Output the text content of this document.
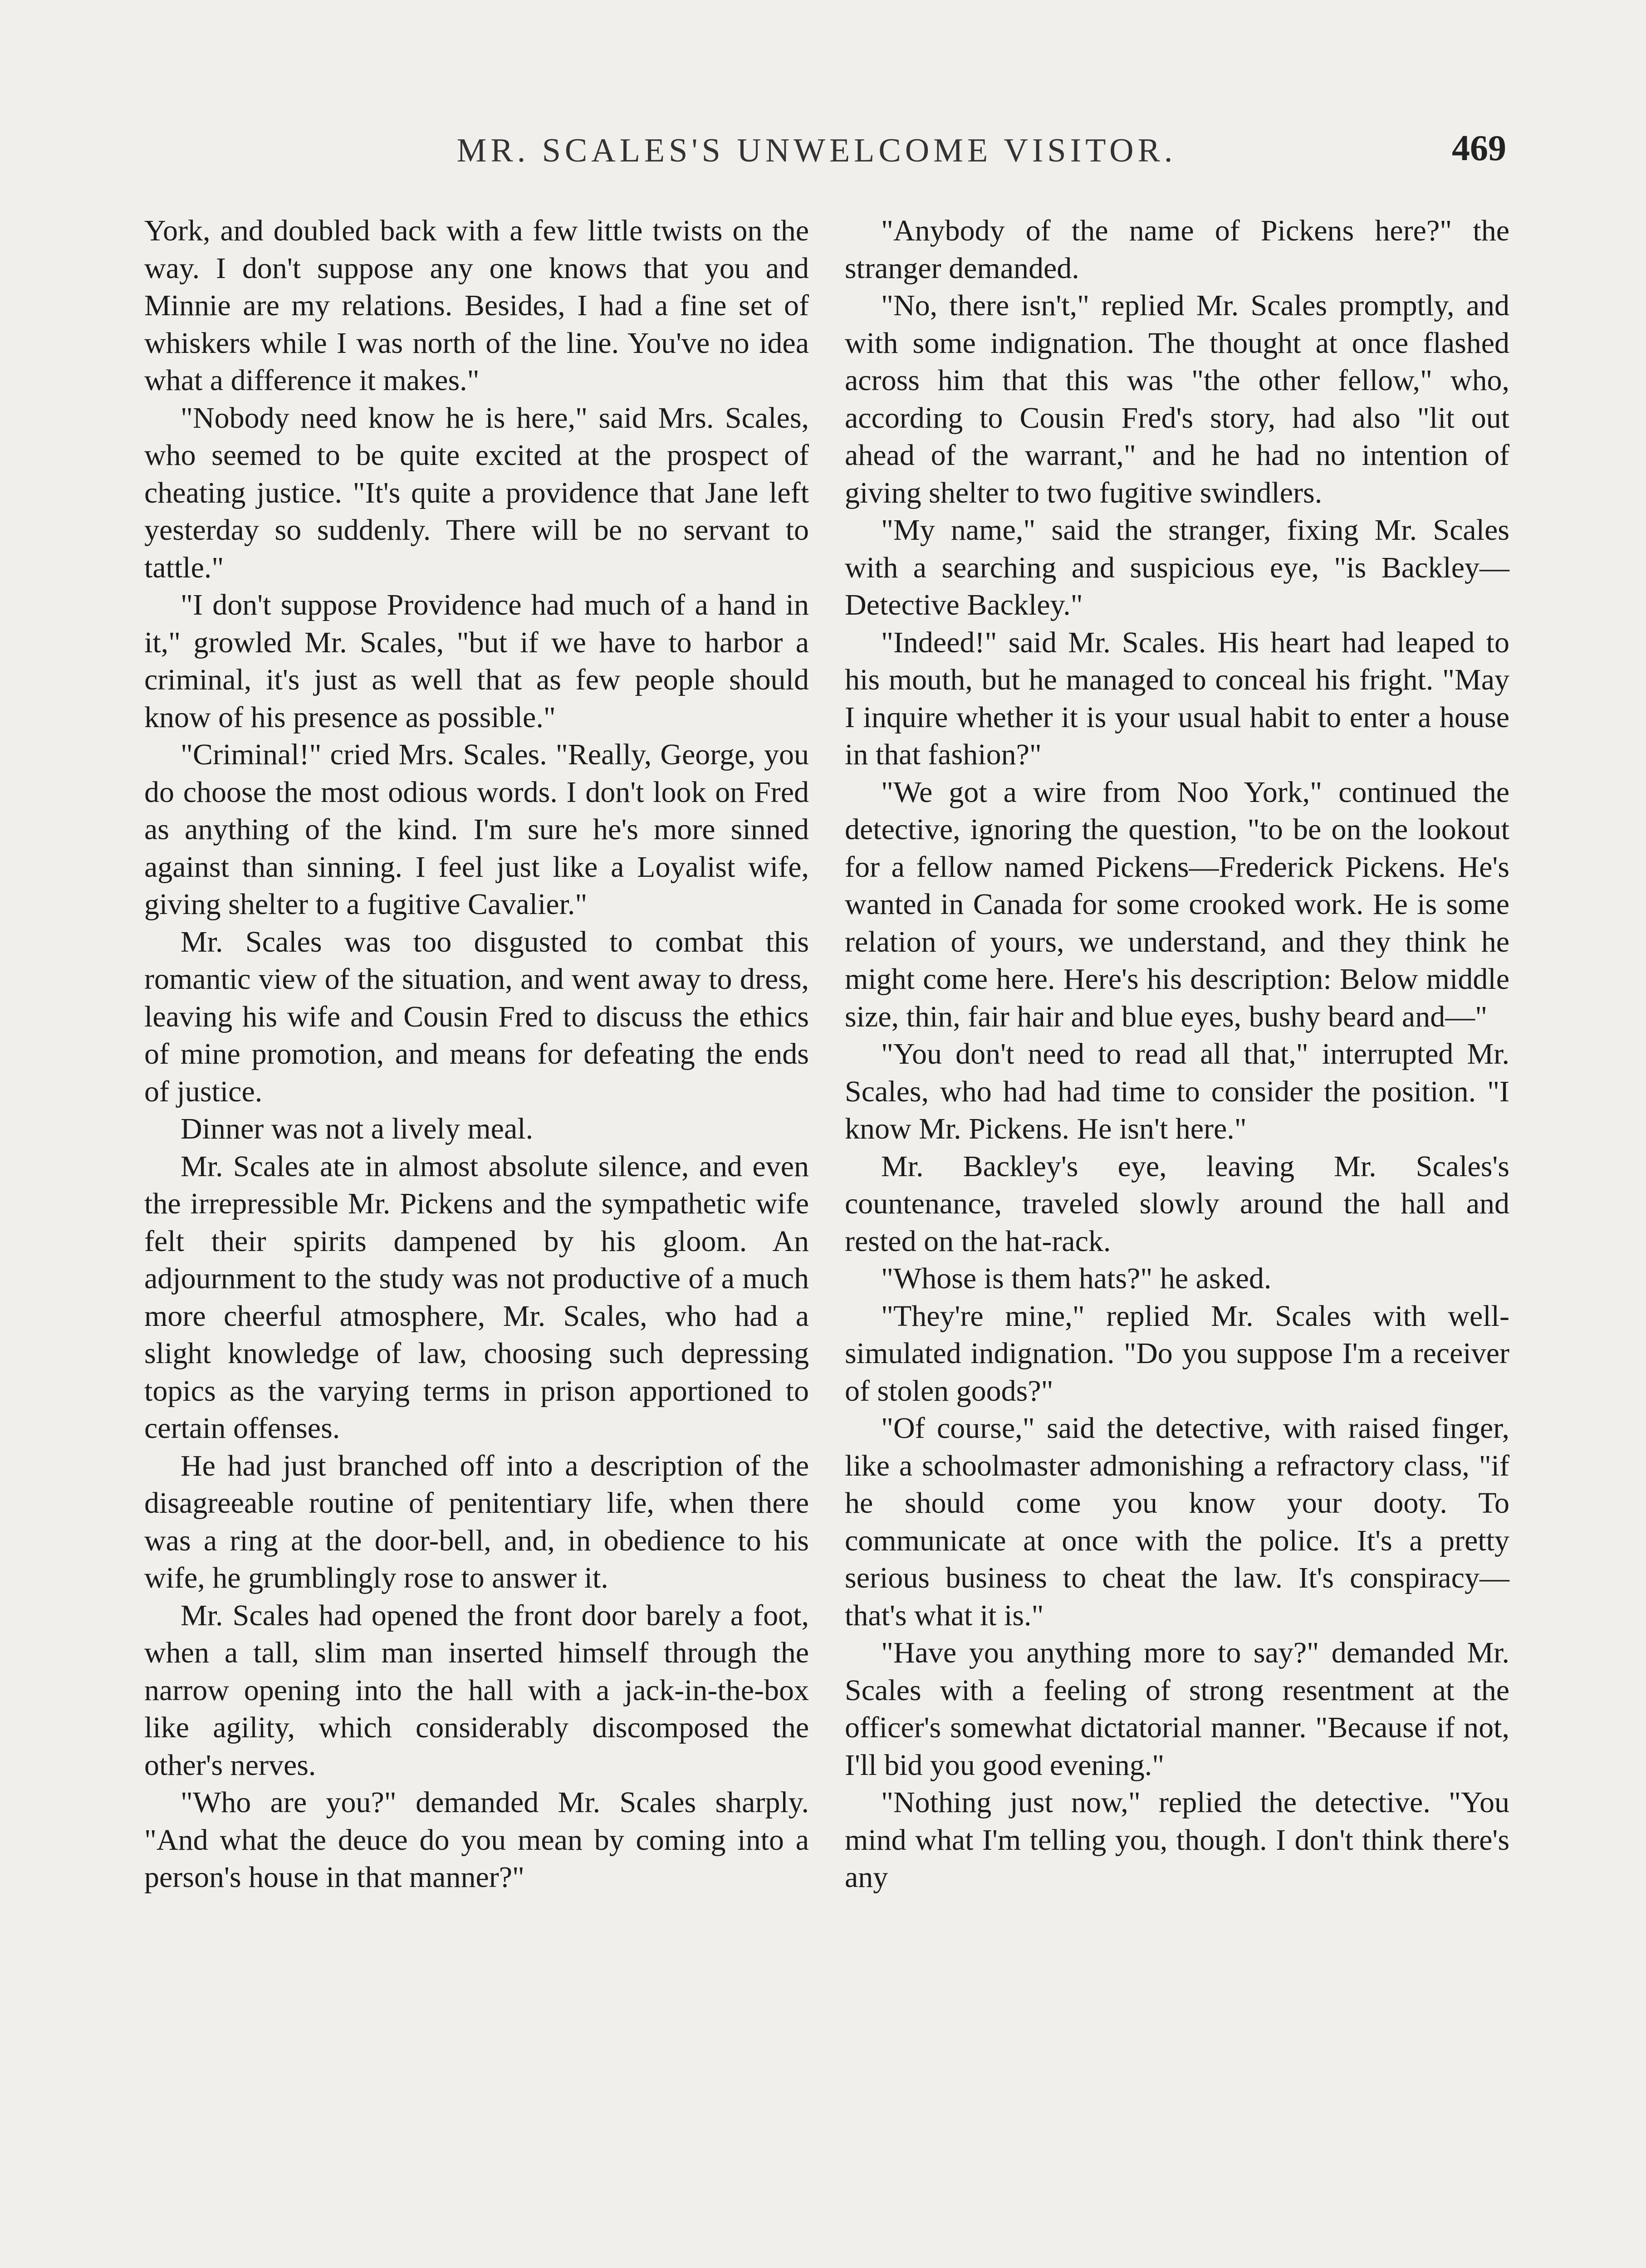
MR. SCALES'S UNWELCOME VISITOR.	469

York, and doubled back with a few little twists on the way. I don't suppose any one knows that you and Minnie are my relations. Besides, I had a fine set of whiskers while I was north of the line. You've no idea what a difference it makes."

"Nobody need know he is here," said Mrs. Scales, who seemed to be quite excited at the prospect of cheating justice. "It's quite a providence that Jane left yesterday so suddenly. There will be no servant to tattle."

"I don't suppose Providence had much of a hand in it," growled Mr. Scales, "but if we have to harbor a criminal, it's just as well that as few people should know of his presence as possible."

"Criminal!" cried Mrs. Scales. "Really, George, you do choose the most odious words. I don't look on Fred as anything of the kind. I'm sure he's more sinned against than sinning. I feel just like a Loyalist wife, giving shelter to a fugitive Cavalier."

Mr. Scales was too disgusted to combat this romantic view of the situation, and went away to dress, leaving his wife and Cousin Fred to discuss the ethics of mine promotion, and means for defeating the ends of justice.

Dinner was not a lively meal.

Mr. Scales ate in almost absolute silence, and even the irrepressible Mr. Pickens and the sympathetic wife felt their spirits dampened by his gloom. An adjournment to the study was not productive of a much more cheerful atmosphere, Mr. Scales, who had a slight knowledge of law, choosing such depressing topics as the varying terms in prison apportioned to certain offenses.

He had just branched off into a description of the disagreeable routine of penitentiary life, when there was a ring at the door-bell, and, in obedience to his wife, he grumblingly rose to answer it.

Mr. Scales had opened the front door barely a foot, when a tall, slim man inserted himself through the narrow opening into the hall with a jack-in-the-box like agility, which considerably discomposed the other's nerves.

"Who are you?" demanded Mr. Scales sharply. "And what the deuce do you mean by coming into a person's house in that manner?"

"Anybody of the name of Pickens here?" the stranger demanded.

"No, there isn't," replied Mr. Scales promptly, and with some indignation. The thought at once flashed across him that this was "the other fellow," who, according to Cousin Fred's story, had also "lit out ahead of the warrant," and he had no intention of giving shelter to two fugitive swindlers.

"My name," said the stranger, fixing Mr. Scales with a searching and suspicious eye, "is Backley—Detective Backley."

"Indeed!" said Mr. Scales. His heart had leaped to his mouth, but he managed to conceal his fright. "May I inquire whether it is your usual habit to enter a house in that fashion?"

"We got a wire from Noo York," continued the detective, ignoring the question, "to be on the lookout for a fellow named Pickens—Frederick Pickens. He's wanted in Canada for some crooked work. He is some relation of yours, we understand, and they think he might come here. Here's his description: Below middle size, thin, fair hair and blue eyes, bushy beard and—"

"You don't need to read all that," interrupted Mr. Scales, who had had time to consider the position. "I know Mr. Pickens. He isn't here."

Mr. Backley's eye, leaving Mr. Scales's countenance, traveled slowly around the hall and rested on the hat-rack.

"Whose is them hats?" he asked.

"They're mine," replied Mr. Scales with well-simulated indignation. "Do you suppose I'm a receiver of stolen goods?"

"Of course," said the detective, with raised finger, like a schoolmaster admonishing a refractory class, "if he should come you know your dooty. To communicate at once with the police. It's a pretty serious business to cheat the law. It's conspiracy—that's what it is."

"Have you anything more to say?" demanded Mr. Scales with a feeling of strong resentment at the officer's somewhat dictatorial manner. "Because if not, I'll bid you good evening."

"Nothing just now," replied the detective. "You mind what I'm telling you, though. I don't think there's any
